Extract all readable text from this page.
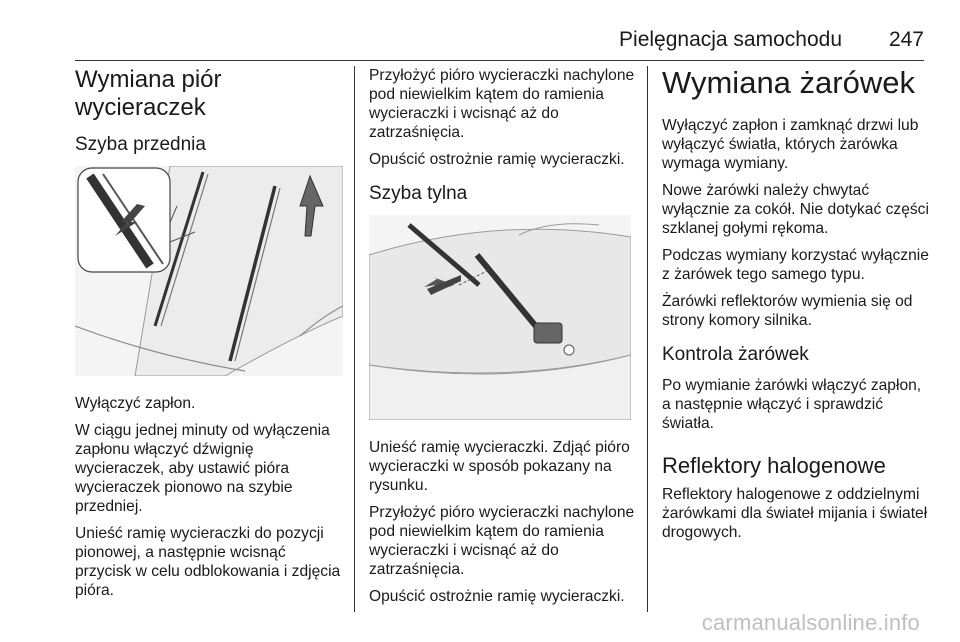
Pielęgnacja samochodu 247
Wymiana piór wycieraczek
Szyba przednia

Wyłączyć zapłon.

W ciągu jednej minuty od wyłączenia zapłonu włączyć dźwignię wycieraczek, aby ustawić pióra wycieraczek pionowo na szybie przedniej.

Unieść ramię wycieraczki do pozycji pionowej, a następnie wcisnąć przycisk w celu odblokowania i zdjęcia pióra.

Przyłożyć pióro wycieraczki nachylone pod niewielkim kątem do ramienia wycieraczki i wcisnąć aż do zatrzaśnięcia.

Opuścić ostrożnie ramię wycieraczki.

Szyba tylna

Unieść ramię wycieraczki. Zdjąć pióro wycieraczki w sposób pokazany na rysunku.

Przyłożyć pióro wycieraczki nachylone pod niewielkim kątem do ramienia wycieraczki i wcisnąć aż do zatrzaśnięcia.

Opuścić ostrożnie ramię wycieraczki.

Wymiana żarówek

Wyłączyć zapłon i zamknąć drzwi lub wyłączyć światła, których żarówka wymaga wymiany.

Nowe żarówki należy chwytać wyłącznie za cokół. Nie dotykać części szklanej gołymi rękoma.

Podczas wymiany korzystać wyłącznie z żarówek tego samego typu.

Żarówki reflektorów wymienia się od strony komory silnika.

Kontrola żarówek

Po wymianie żarówki włączyć zapłon, a następnie włączyć i sprawdzić światła.

Reflektory halogenowe

Reflektory halogenowe z oddzielnymi żarówkami dla świateł mijania i świateł drogowych.

carmanualsonline.info
